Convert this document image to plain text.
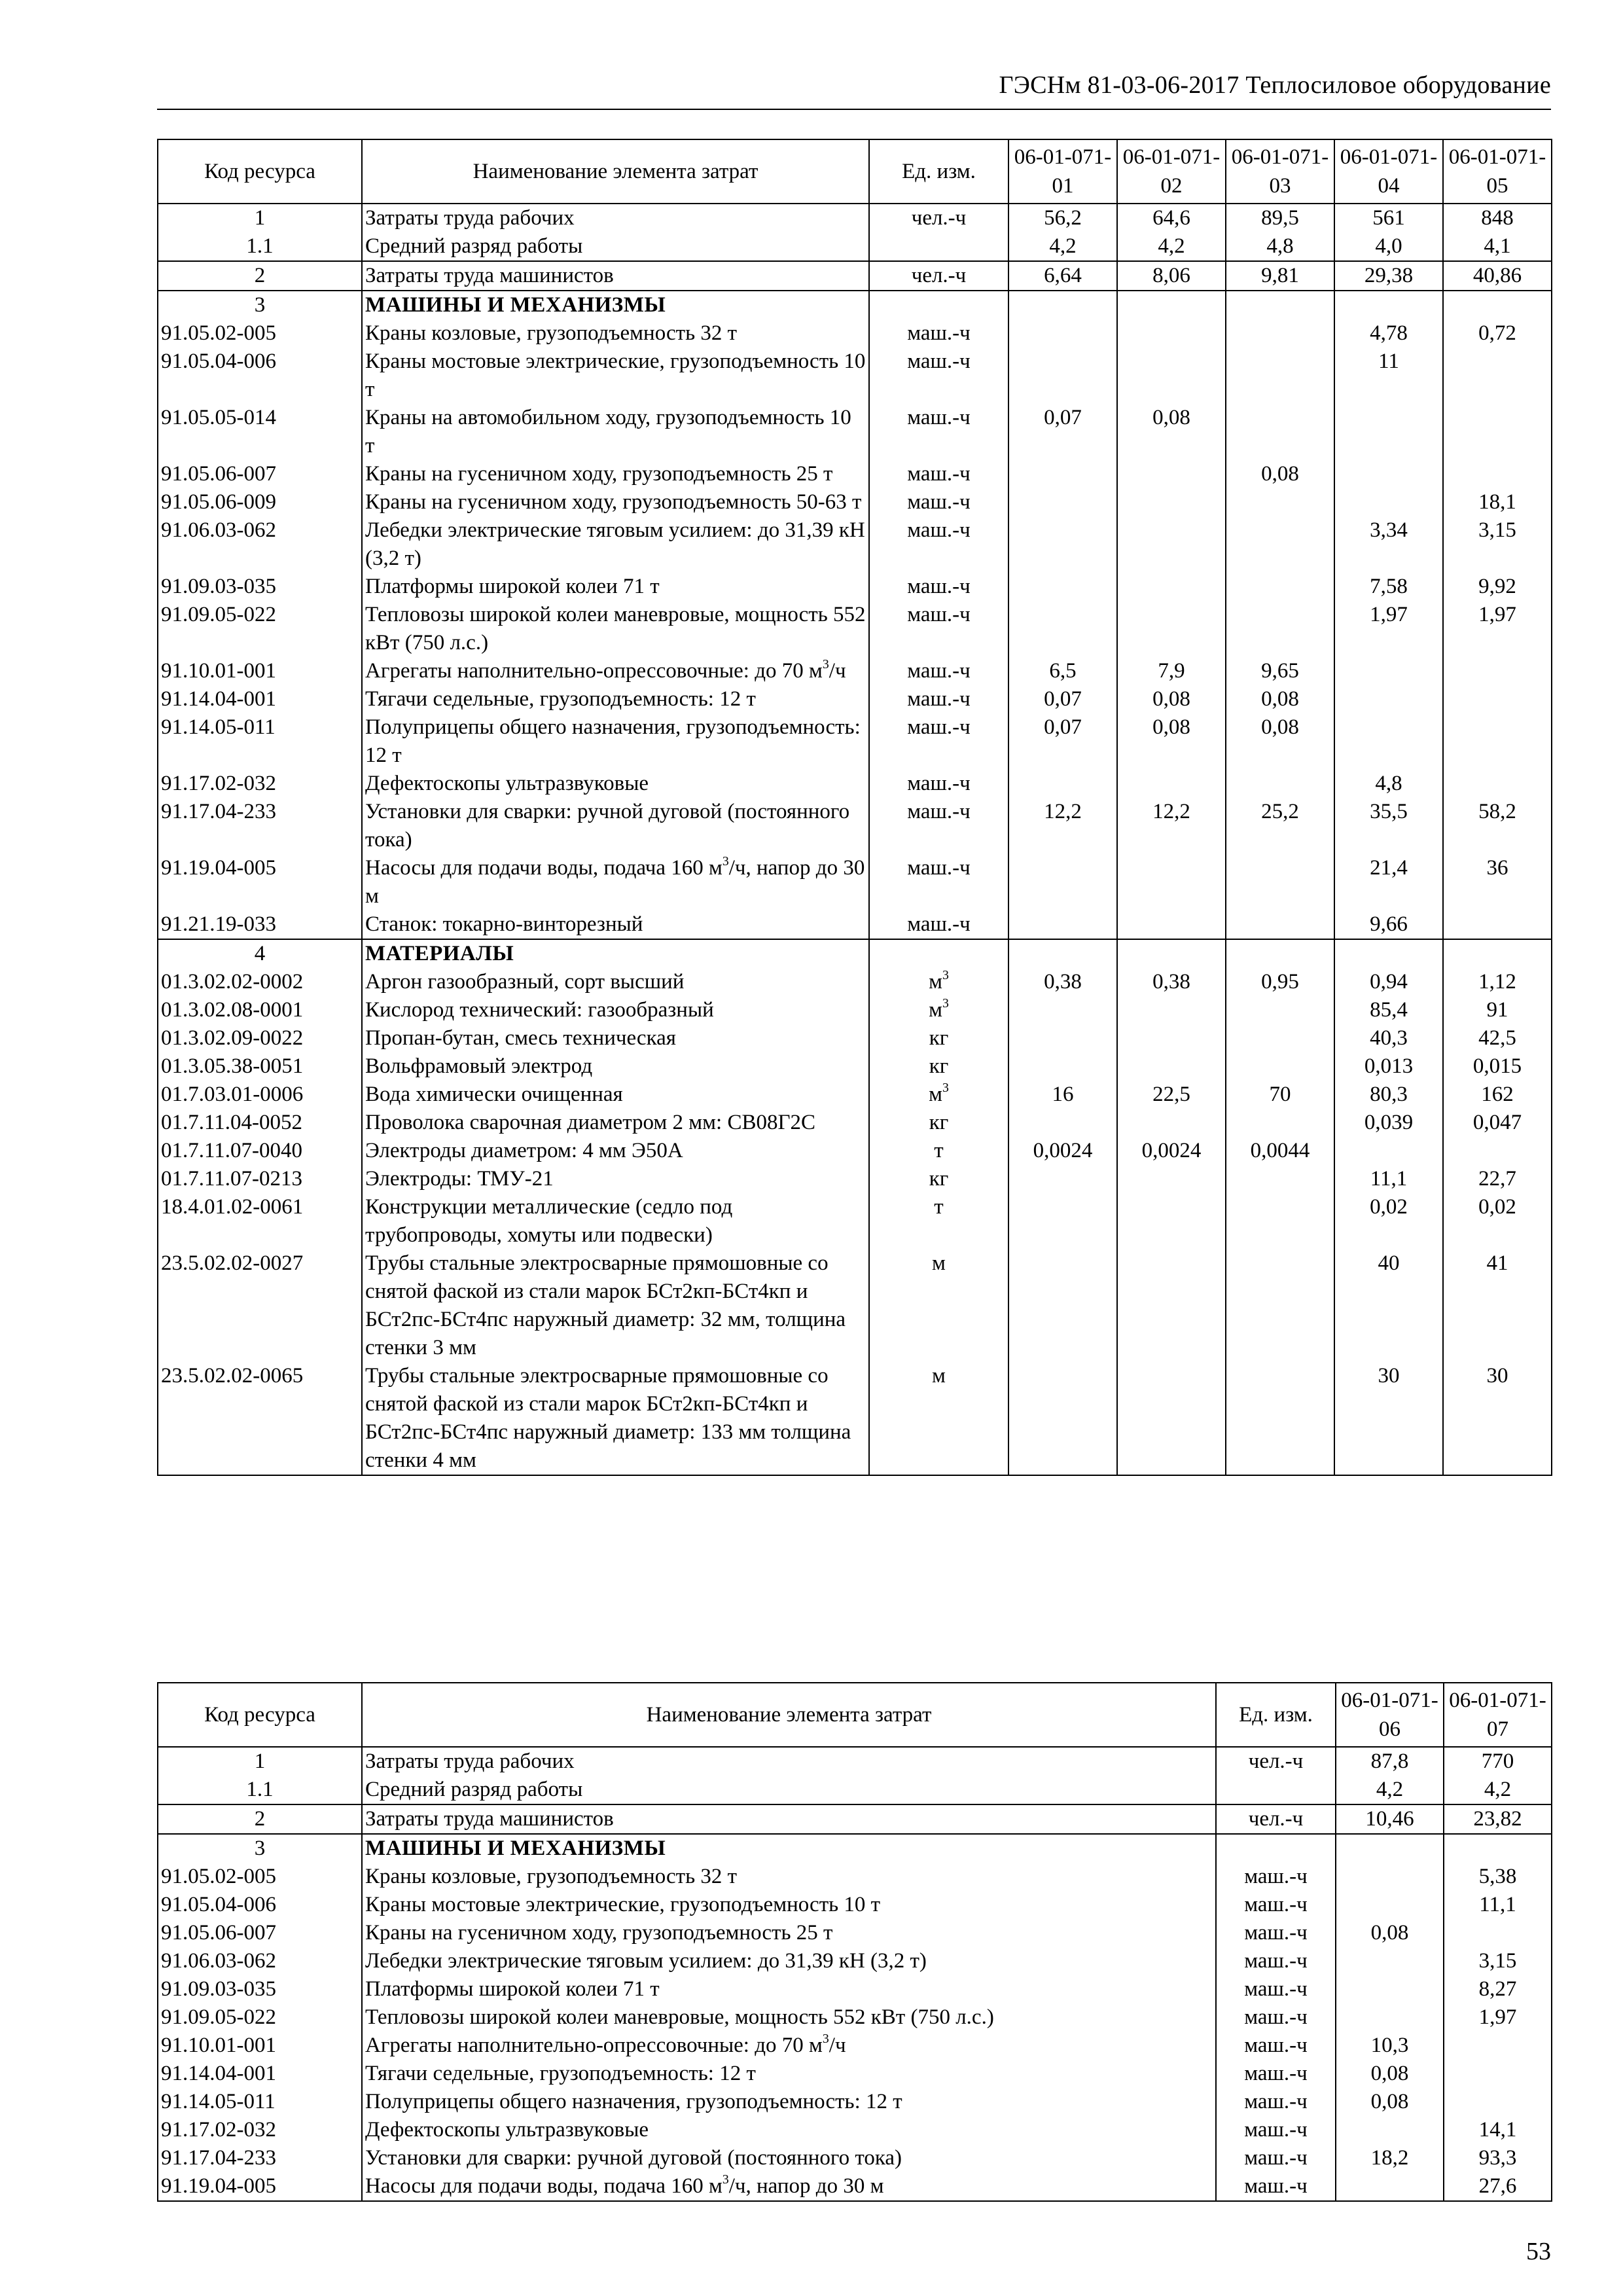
ГЭСНм 81-03-06-2017 Теплосиловое оборудование
Код ресурса	Наименование элемента затрат	Ед. изм.	06-01-071-01	06-01-071-02	06-01-071-03	06-01-071-04	06-01-071-05
1	Затраты труда рабочих	чел.-ч	56,2	64,6	89,5	561	848
1.1	Средний разряд работы		4,2	4,2	4,8	4,0	4,1
2	Затраты труда машинистов	чел.-ч	6,64	8,06	9,81	29,38	40,86
3	МАШИНЫ И МЕХАНИЗМЫ						
91.05.02-005	Краны козловые, грузоподъемность 32 т	маш.-ч				4,78	0,72
91.05.04-006	Краны мостовые электрические, грузоподъемность 10 т	маш.-ч				11	
91.05.05-014	Краны на автомобильном ходу, грузоподъемность 10 т	маш.-ч	0,07	0,08			
91.05.06-007	Краны на гусеничном ходу, грузоподъемность 25 т	маш.-ч			0,08		
91.05.06-009	Краны на гусеничном ходу, грузоподъемность 50-63 т	маш.-ч					18,1
91.06.03-062	Лебедки электрические тяговым усилием: до 31,39 кН (3,2 т)	маш.-ч				3,34	3,15
91.09.03-035	Платформы широкой колеи 71 т	маш.-ч				7,58	9,92
91.09.05-022	Тепловозы широкой колеи маневровые, мощность 552 кВт (750 л.с.)	маш.-ч				1,97	1,97
91.10.01-001	Агрегаты наполнительно-опрессовочные: до 70 $м^3/ч$	маш.-ч	6,5	7,9	9,65		
91.14.04-001	Тягачи седельные, грузоподъемность: 12 т	маш.-ч	0,07	0,08	0,08		
91.14.05-011	Полуприцепы общего назначения, грузоподъемность: 12 т	маш.-ч	0,07	0,08	0,08		
91.17.02-032	Дефектоскопы ультразвуковые	маш.-ч				4,8	
91.17.04-233	Установки для сварки: ручной дуговой (постоянного тока)	маш.-ч	12,2	12,2	25,2	35,5	58,2
91.19.04-005	Насосы для подачи воды, подача 160 $м^3/ч$, напор до 30 м	маш.-ч				21,4	36
91.21.19-033	Станок: токарно-винторезный	маш.-ч				9,66	
4	МАТЕРИАЛЫ						
01.3.02.02-0002	Аргон газообразный, сорт высший	$м^3$	0,38	0,38	0,95	0,94	1,12
01.3.02.08-0001	Кислород технический: газообразный	$м^3$				85,4	91
01.3.02.09-0022	Пропан-бутан, смесь техническая	кг				40,3	42,5
01.3.05.38-0051	Вольфрамовый электрод	кг				0,013	0,015
01.7.03.01-0006	Вода химически очищенная	$м^3$	16	22,5	70	80,3	162
01.7.11.04-0052	Проволока сварочная диаметром 2 мм: СВ08Г2С	кг				0,039	0,047
01.7.11.07-0040	Электроды диаметром: 4 мм Э50А	т	0,0024	0,0024	0,0044		
01.7.11.07-0213	Электроды: ТМУ-21	кг				11,1	22,7
18.4.01.02-0061	Конструкции металлические (седло под трубопроводы, хомуты или подвески)	т				0,02	0,02
23.5.02.02-0027	Трубы стальные электросварные прямошовные со снятой фаской из стали марок БСт2кп-БСт4кп и БСт2пс-БСт4пс наружный диаметр: 32 мм, толщина стенки 3 мм	м				40	41
23.5.02.02-0065	Трубы стальные электросварные прямошовные со снятой фаской из стали марок БСт2кп-БСт4кп и БСт2пс-БСт4пс наружный диаметр: 133 мм толщина стенки 4 мм	м				30	30
Код ресурса	Наименование элемента затрат	Ед. изм.	06-01-071-06	06-01-071-07
1	Затраты труда рабочих	чел.-ч	87,8	770
1.1	Средний разряд работы		4,2	4,2
2	Затраты труда машинистов	чел.-ч	10,46	23,82
3	МАШИНЫ И МЕХАНИЗМЫ			
91.05.02-005	Краны козловые, грузоподъемность 32 т	маш.-ч		5,38
91.05.04-006	Краны мостовые электрические, грузоподъемность 10 т	маш.-ч		11,1
91.05.06-007	Краны на гусеничном ходу, грузоподъемность 25 т	маш.-ч	0,08	
91.06.03-062	Лебедки электрические тяговым усилием: до 31,39 кН (3,2 т)	маш.-ч		3,15
91.09.03-035	Платформы широкой колеи 71 т	маш.-ч		8,27
91.09.05-022	Тепловозы широкой колеи маневровые, мощность 552 кВт (750 л.с.)	маш.-ч		1,97
91.10.01-001	Агрегаты наполнительно-опрессовочные: до 70 $м^3/ч$	маш.-ч	10,3	
91.14.04-001	Тягачи седельные, грузоподъемность: 12 т	маш.-ч	0,08	
91.14.05-011	Полуприцепы общего назначения, грузоподъемность: 12 т	маш.-ч	0,08	
91.17.02-032	Дефектоскопы ультразвуковые	маш.-ч		14,1
91.17.04-233	Установки для сварки: ручной дуговой (постоянного тока)	маш.-ч	18,2	93,3
91.19.04-005	Насосы для подачи воды, подача 160 $м^3/ч$, напор до 30 м	маш.-ч		27,6
53
